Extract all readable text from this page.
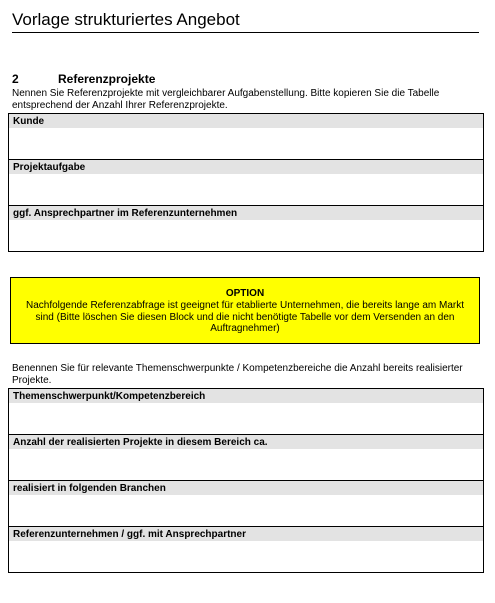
Vorlage strukturiertes Angebot
2	Referenzprojekte
Nennen Sie Referenzprojekte mit vergleichbarer Aufgabenstellung. Bitte kopieren Sie die Tabelle entsprechend der Anzahl Ihrer Referenzprojekte.
Kunde
Projektaufgabe
ggf. Ansprechpartner im Referenzunternehmen
OPTION
Nachfolgende Referenzabfrage ist geeignet für etablierte Unternehmen, die bereits lange am Markt sind (Bitte löschen Sie diesen Block und die nicht benötigte Tabelle vor dem Versenden an den Auftragnehmer)
Benennen Sie für relevante Themenschwerpunkte / Kompetenzbereiche die Anzahl bereits realisierter Projekte.
Themenschwerpunkt/Kompetenzbereich
Anzahl der realisierten Projekte in diesem Bereich ca.
realisiert in folgenden Branchen
Referenzunternehmen / ggf. mit Ansprechpartner
